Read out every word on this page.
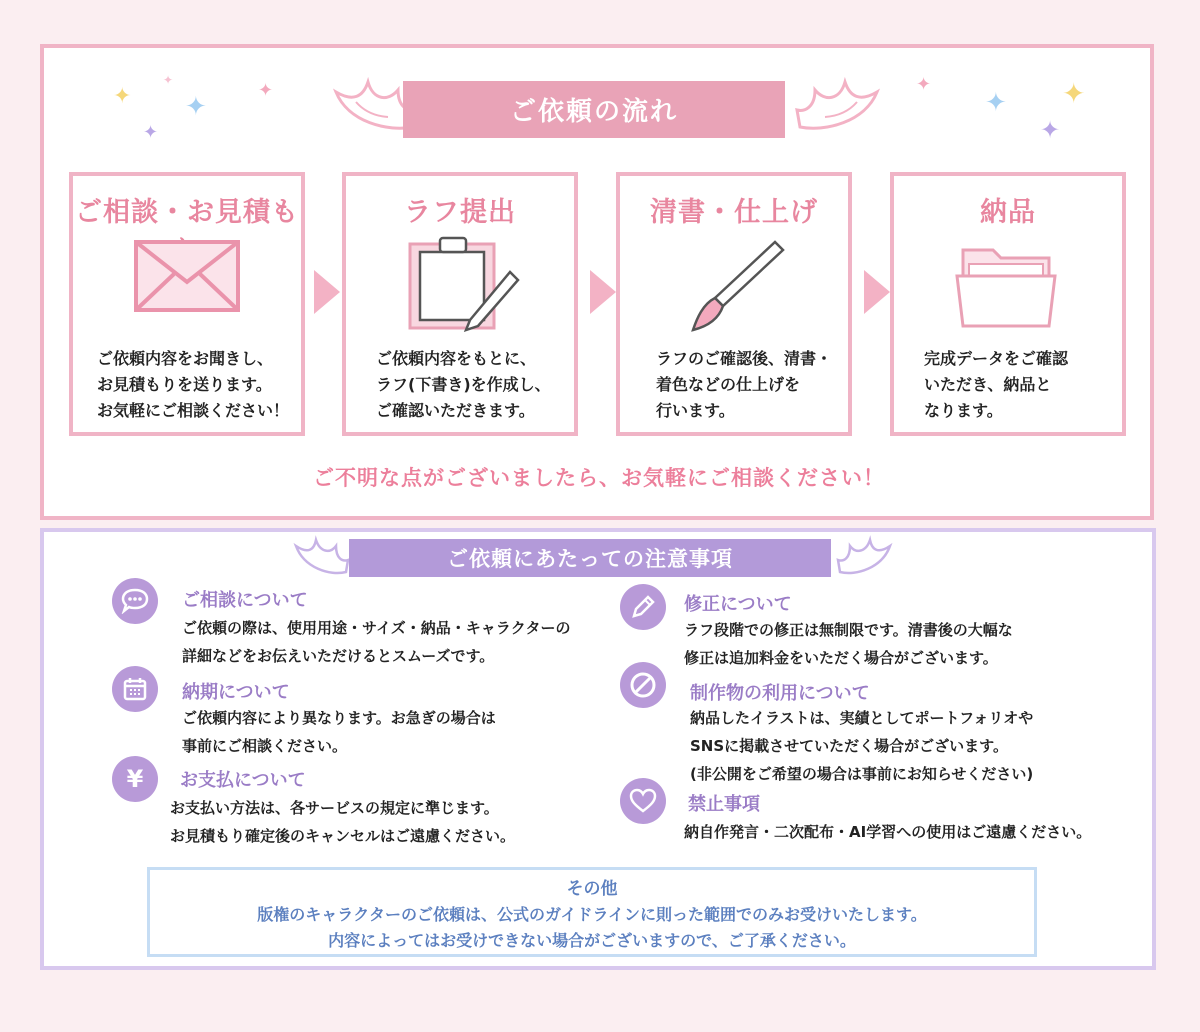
✦
✦
✦
✦	✦	✦
✦
✦
✦
ご依頼の流れ
ご相談・お見積も
ご依頼内容をお聞きし、
お見積もりを送ります。
お気軽にご相談ください！
ラフ提出
ご依頼内容をもとに、
ラフ(下書き)を作成し、
ご確認いただきます。
清書・仕上げ
ラフのご確認後、清書・
着色などの仕上げを
行います。
納品
完成データをご確認
いただき、納品と
なります。
ご不明な点がございましたら、お気軽にご相談ください！
ご依頼にあたっての注意事項
ご相談について
ご依頼の際は、使用用途・サイズ・納品・キャラクターの
詳細などをお伝えいただけるとスムーズです。
納期について
ご依頼内容により異なります。お急ぎの場合は
事前にご相談ください。
¥ お支払について
お支払い方法は、各サービスの規定に準じます。
お見積もり確定後のキャンセルはご遠慮ください。
修正について
ラフ段階での修正は無制限です。清書後の大幅な
修正は追加料金をいただく場合がございます。
制作物の利用について
納品したイラストは、実績としてポートフォリオや
SNSに掲載させていただく場合がございます。
(非公開をご希望の場合は事前にお知らせください)
禁止事項
納自作発言・二次配布・AI学習への使用はご遠慮ください。
その他
版権のキャラクターのご依頼は、公式のガイドラインに則った範囲でのみお受けいたします。
内容によってはお受けできない場合がございますので、ご了承ください。
